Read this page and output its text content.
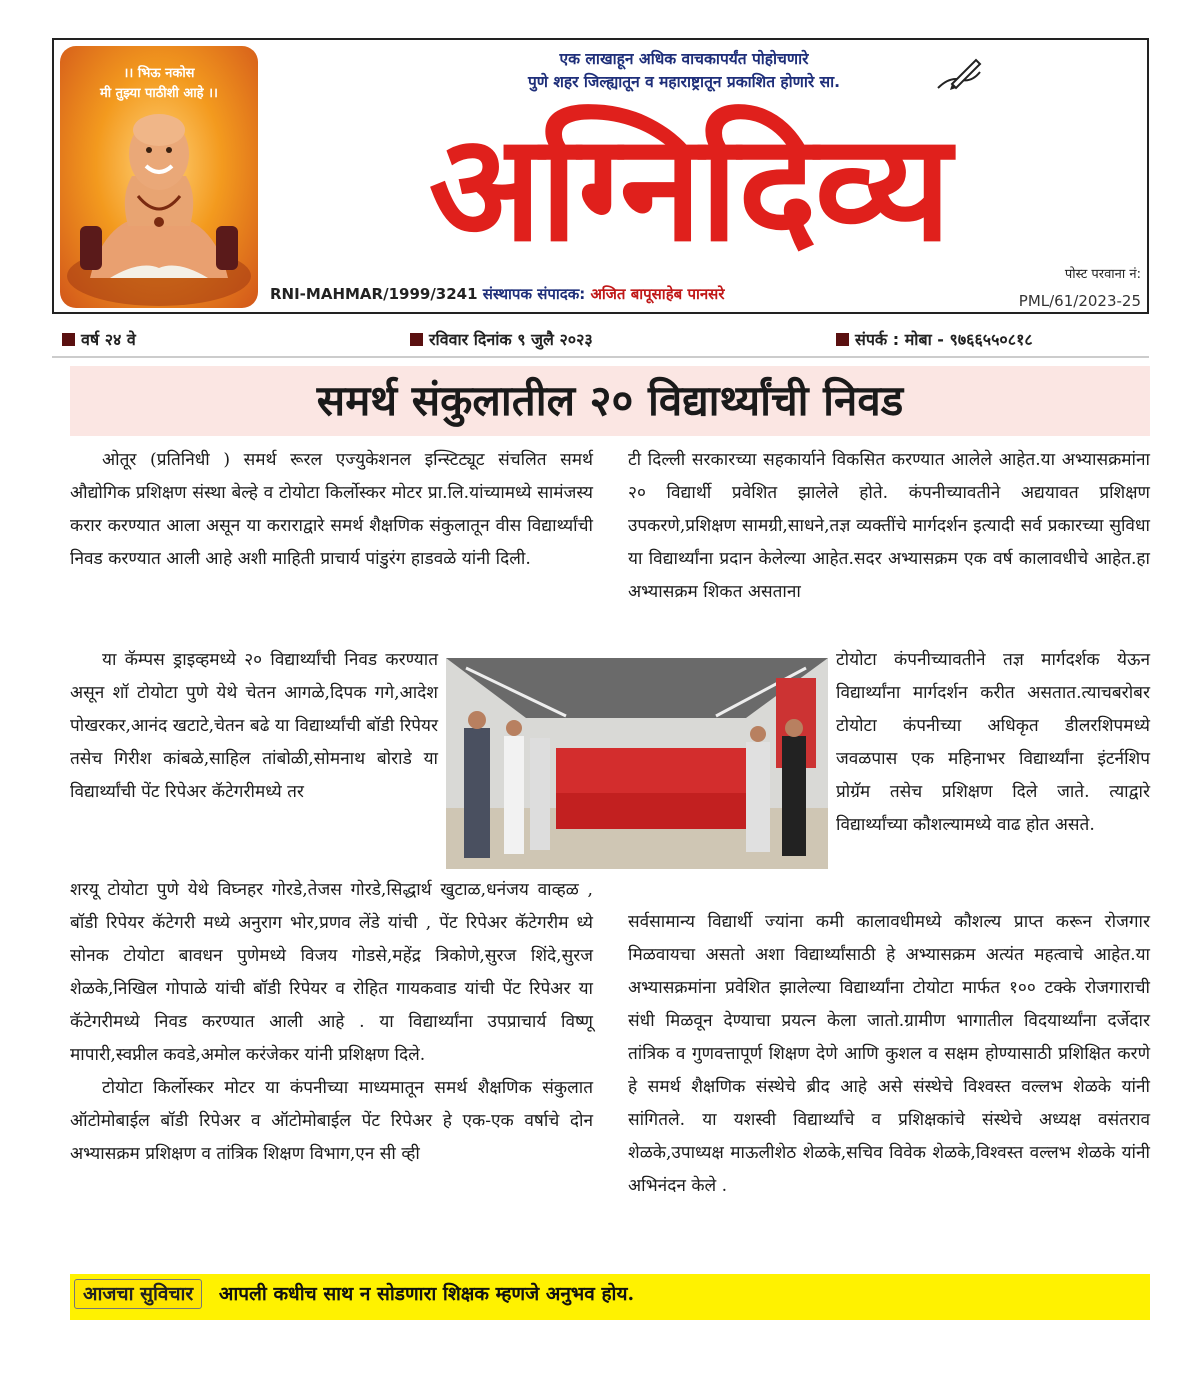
।। भिऊ नकोस
मी तुझ्या पाठीशी आहे ।।
एक लाखाहून अधिक वाचकापर्यंत पोहोचणारे
पुणे शहर जिल्ह्यातून व महाराष्ट्रातून प्रकाशित होणारे सा.
अग्निदिव्य
RNI-MAHMAR/1999/3241 संस्थापक संपादक: अजित बापूसाहेब पानसरे
पोस्ट परवाना नं:
PML/61/2023-25
वर्ष २४ वे	रविवार दिनांक ९ जुलै २०२३	संपर्क : मोबा - ९७६६५५०८१८
समर्थ संकुलातील २० विद्यार्थ्यांची निवड

ओतूर (प्रतिनिधी ) समर्थ रूरल एज्युकेशनल इन्स्टिट्यूट संचलित समर्थ औद्योगिक प्रशिक्षण संस्था बेल्हे व टोयोटा किर्लोस्कर मोटर प्रा.लि.यांच्यामध्ये सामंजस्य करार करण्यात आला असून या कराराद्वारे समर्थ शैक्षणिक संकुलातून वीस विद्यार्थ्यांची निवड करण्यात आली आहे अशी माहिती प्राचार्य पांडुरंग हाडवळे यांनी दिली.

या कॅम्पस ड्राइव्हमध्ये २० विद्यार्थ्यांची निवड करण्यात असून शॉ टोयोटा पुणे येथे चेतन आगळे,दिपक गगे,आदेश पोखरकर,आनंद खटाटे,चेतन बढे या विद्यार्थ्यांची बॉडी रिपेयर तसेच गिरीश कांबळे,साहिल तांबोळी,सोमनाथ बोराडे या विद्यार्थ्यांची पेंट रिपेअर कॅटेगरीमध्ये तर

शरयू टोयोटा पुणे येथे विघ्नहर गोरडे,तेजस गोरडे,सिद्धार्थ खुटाळ,धनंजय वाव्हळ , बॉडी रिपेयर कॅटेगरी मध्ये अनुराग भोर,प्रणव लेंडे यांची , पेंट रिपेअर कॅटेगरीम ध्ये सोनक टोयोटा बावधन पुणेमध्ये विजय गोडसे,महेंद्र त्रिकोणे,सुरज शिंदे,सुरज शेळके,निखिल गोपाळे यांची बॉडी रिपेयर व रोहित गायकवाड यांची पेंट रिपेअर या कॅटेगरीमध्ये निवड करण्यात आली आहे . या विद्यार्थ्यांना उपप्राचार्य विष्णू मापारी,स्वप्नील कवडे,अमोल करंजेकर यांनी प्रशिक्षण दिले.

टोयोटा किर्लोस्कर मोटर या कंपनीच्या माध्यमातून समर्थ शैक्षणिक संकुलात ऑटोमोबाईल बॉडी रिपेअर व ऑटोमोबाईल पेंट रिपेअर हे एक-एक वर्षाचे दोन अभ्यासक्रम प्रशिक्षण व तांत्रिक शिक्षण विभाग,एन सी व्ही

टी दिल्ली सरकारच्या सहकार्याने विकसित करण्यात आलेले आहेत.या अभ्यासक्रमांना २० विद्यार्थी प्रवेशित झालेले होते. कंपनीच्यावतीने अद्ययावत प्रशिक्षण उपकरणे,प्रशिक्षण सामग्री,साधने,तज्ञ व्यक्तींचे मार्गदर्शन इत्यादी सर्व प्रकारच्या सुविधा या विद्यार्थ्यांना प्रदान केलेल्या आहेत.सदर अभ्यासक्रम एक वर्ष कालावधीचे आहेत.हा अभ्यासक्रम शिकत असताना

टोयोटा कंपनीच्यावतीने तज्ञ मार्गदर्शक येऊन विद्यार्थ्यांना मार्गदर्शन करीत असतात.त्याचबरोबर टोयोटा कंपनीच्या अधिकृत डीलरशिपमध्ये जवळपास एक महिनाभर विद्यार्थ्यांना इंटर्नशिप प्रोग्रॅम तसेच प्रशिक्षण दिले जाते. त्याद्वारे विद्यार्थ्यांच्या कौशल्यामध्ये वाढ होत असते.

सर्वसामान्य विद्यार्थी ज्यांना कमी कालावधीमध्ये कौशल्य प्राप्त करून रोजगार मिळवायचा असतो अशा विद्यार्थ्यांसाठी हे अभ्यासक्रम अत्यंत महत्वाचे आहेत.या अभ्यासक्रमांना प्रवेशित झालेल्या विद्यार्थ्यांना टोयोटा मार्फत १०० टक्के रोजगाराची संधी मिळवून देण्याचा प्रयत्न केला जातो.ग्रामीण भागातील विदयार्थ्यांना दर्जेदार तांत्रिक व गुणवत्तापूर्ण शिक्षण देणे आणि कुशल व सक्षम होण्यासाठी प्रशिक्षित करणे हे समर्थ शैक्षणिक संस्थेचे ब्रीद आहे असे संस्थेचे विश्वस्त वल्लभ शेळके यांनी सांगितले. या यशस्वी विद्यार्थ्यांचे व प्रशिक्षकांचे संस्थेचे अध्यक्ष वसंतराव शेळके,उपाध्यक्ष माऊलीशेठ शेळके,सचिव विवेक शेळके,विश्वस्त वल्लभ शेळके यांनी अभिनंदन केले .

आजचा सुविचार आपली कधीच साथ न सोडणारा शिक्षक म्हणजे अनुभव होय.
